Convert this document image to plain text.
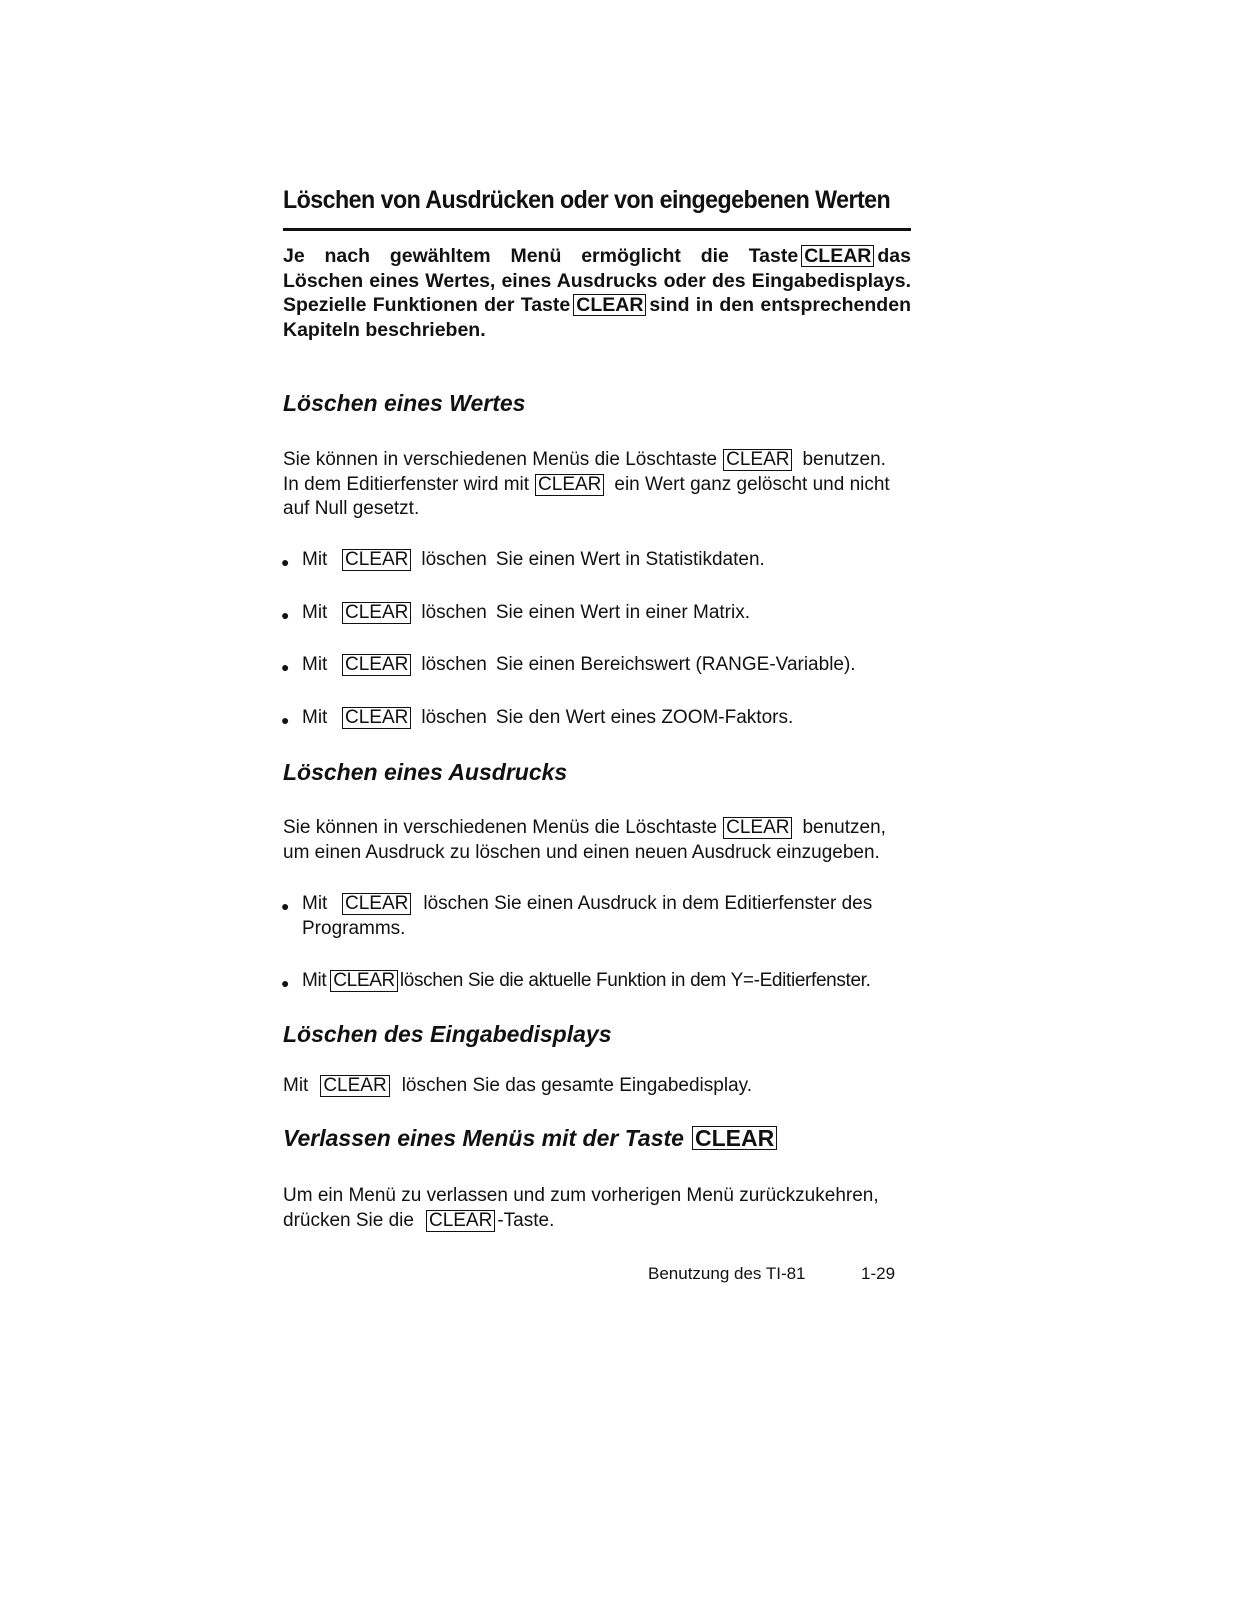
Löschen von Ausdrücken oder von eingegebenen Werten

Je nach gewähltem Menü ermöglicht die Taste CLEAR das
Löschen eines Wertes, eines Ausdrucks oder des Eingabedisplays.
Spezielle Funktionen der Taste CLEAR sind in den entsprechenden
Kapiteln beschrieben.

Löschen eines Wertes

Sie können in verschiedenen Menüs die Löschtaste CLEAR benutzen.
In dem Editierfenster wird mit CLEAR ein Wert ganz gelöscht und nicht
auf Null gesetzt.

● Mit CLEAR löschen Sie einen Wert in Statistikdaten.
● Mit CLEAR löschen Sie einen Wert in einer Matrix.
● Mit CLEAR löschen Sie einen Bereichswert (RANGE-Variable).
● Mit CLEAR löschen Sie den Wert eines ZOOM-Faktors.
Löschen eines Ausdrucks

Sie können in verschiedenen Menüs die Löschtaste CLEAR benutzen,
um einen Ausdruck zu löschen und einen neuen Ausdruck einzugeben.

● Mit CLEAR löschen Sie einen Ausdruck in dem Editierfenster des
Programms.
● Mit CLEAR löschen Sie die aktuelle Funktion in dem Y=-Editierfenster.
Löschen des Eingabedisplays

Mit CLEAR löschen Sie das gesamte Eingabedisplay.

Verlassen eines Menüs mit der Taste CLEAR

Um ein Menü zu verlassen und zum vorherigen Menü zurückzukehren,
drücken Sie die CLEAR -Taste.

Benutzung des TI-81	1-29
